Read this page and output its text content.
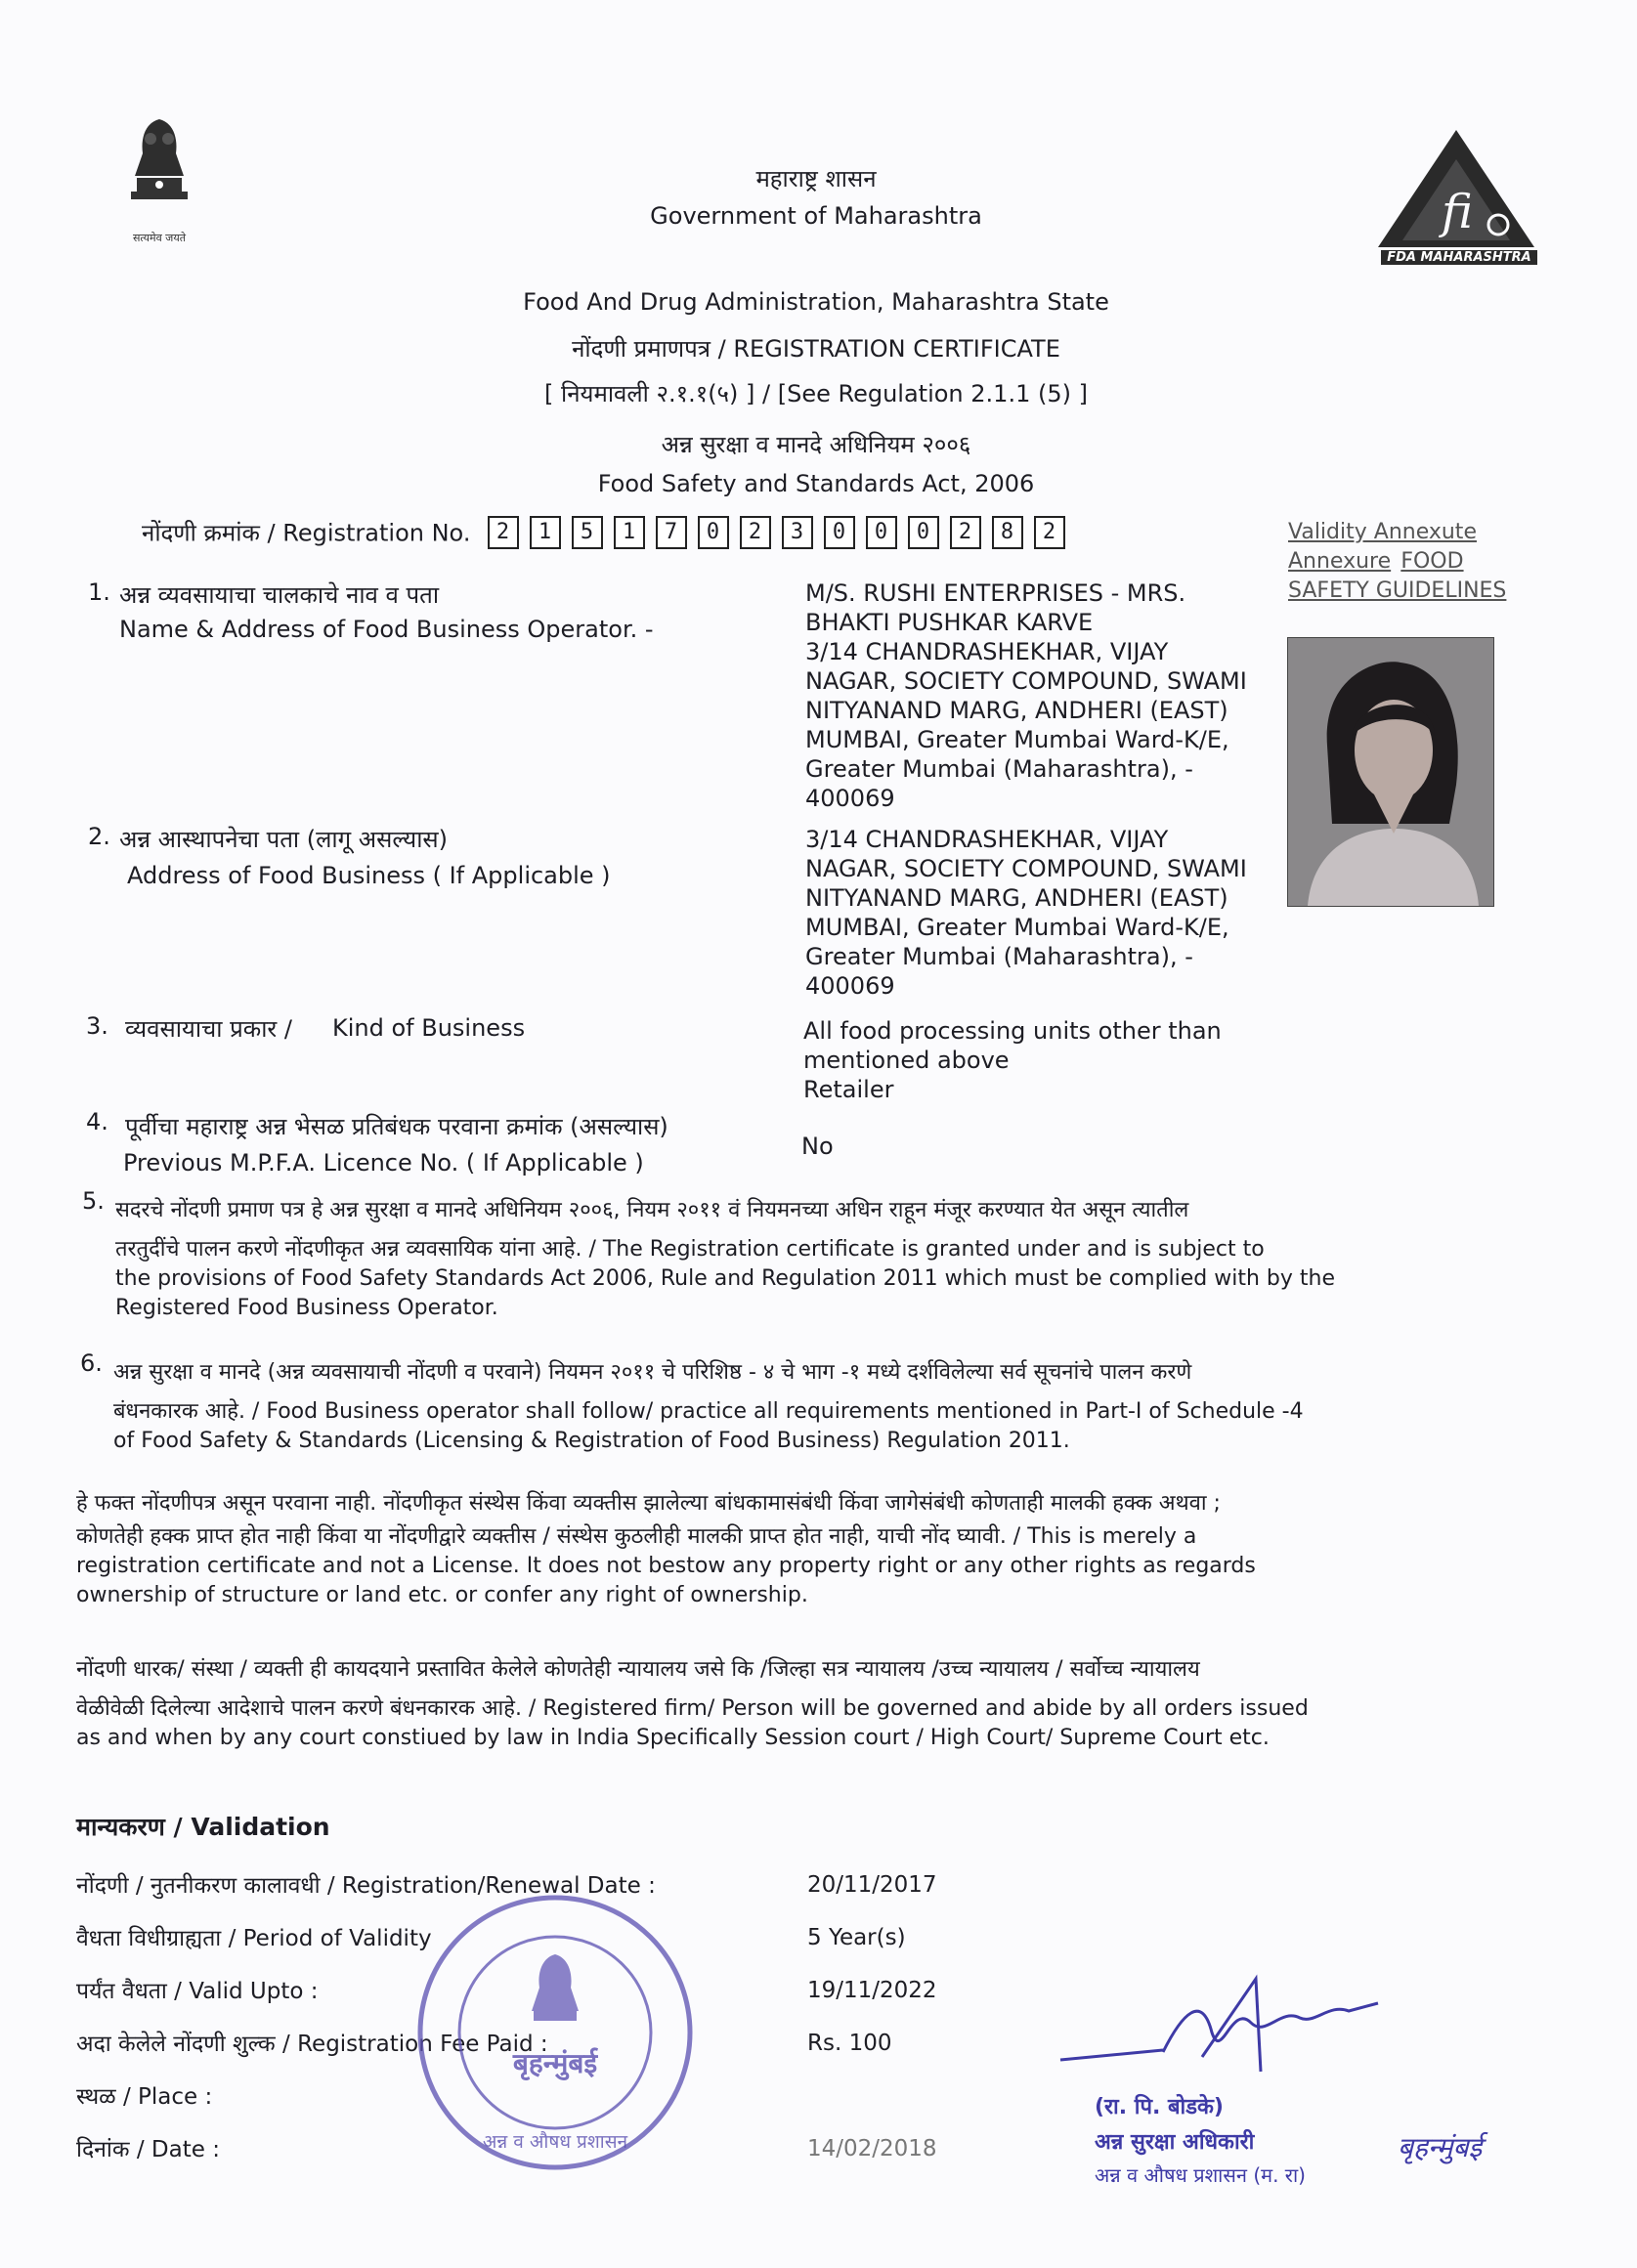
सत्यमेव जयते	fi
FDA MAHARASHTRA
महाराष्ट्र शासन
Government of Maharashtra
Food And Drug Administration, Maharashtra State
नोंदणी प्रमाणपत्र / REGISTRATION CERTIFICATE
[ नियमावली २.१.१(५) ] / [See Regulation 2.1.1 (5) ]
अन्न सुरक्षा व मानदे अधिनियम २००६
Food Safety and Standards Act, 2006
नोंदणी क्रमांक / Registration No. 2 1 5 1 7 0 2 3 0 0 0 2 8 2	Validity Annexute
Annexure FOOD
SAFETY GUIDELINES
1. अन्न व्यवसायाचा चालकाचे नाव व पता
Name & Address of Food Business Operator. -
M/S. RUSHI ENTERPRISES - MRS.
BHAKTI PUSHKAR KARVE
3/14 CHANDRASHEKHAR, VIJAY
NAGAR, SOCIETY COMPOUND, SWAMI
NITYANAND MARG, ANDHERI (EAST)
MUMBAI, Greater Mumbai Ward-K/E,
Greater Mumbai (Maharashtra), -
400069
2. अन्न आस्थापनेचा पता (लागू असल्यास)
Address of Food Business ( If Applicable )
3/14 CHANDRASHEKHAR, VIJAY
NAGAR, SOCIETY COMPOUND, SWAMI
NITYANAND MARG, ANDHERI (EAST)
MUMBAI, Greater Mumbai Ward-K/E,
Greater Mumbai (Maharashtra), -
400069
3. व्यवसायाचा प्रकार / Kind of Business	All food processing units other than
mentioned above
Retailer
4. पूर्वीचा महाराष्ट्र अन्न भेसळ प्रतिबंधक परवाना क्रमांक (असल्यास)
Previous M.P.F.A. Licence No. ( If Applicable )
No
5. सदरचे नोंदणी प्रमाण पत्र हे अन्न सुरक्षा व मानदे अधिनियम २००६, नियम २०११ वं नियमनच्या अधिन राहून मंजूर करण्यात येत असून त्यातील
तरतुदींचे पालन करणे नोंदणीकृत अन्न व्यवसायिक यांना आहे. / The Registration certificate is granted under and is subject to
the provisions of Food Safety Standards Act 2006, Rule and Regulation 2011 which must be complied with by the
Registered Food Business Operator.
6. अन्न सुरक्षा व मानदे (अन्न व्यवसायाची नोंदणी व परवाने) नियमन २०११ चे परिशिष्ठ - ४ चे भाग -१ मध्ये दर्शविलेल्या सर्व सूचनांचे पालन करणे
बंधनकारक आहे. / Food Business operator shall follow/ practice all requirements mentioned in Part-I of Schedule -4
of Food Safety & Standards (Licensing & Registration of Food Business) Regulation 2011.
हे फक्त नोंदणीपत्र असून परवाना नाही. नोंदणीकृत संस्थेस किंवा व्यक्तीस झालेल्या बांधकामासंबंधी किंवा जागेसंबंधी कोणताही मालकी हक्क अथवा ;
कोणतेही हक्क प्राप्त होत नाही किंवा या नोंदणीद्वारे व्यक्तीस / संस्थेस कुठलीही मालकी प्राप्त होत नाही, याची नोंद घ्यावी. / This is merely a
registration certificate and not a License. It does not bestow any property right or any other rights as regards
ownership of structure or land etc. or confer any right of ownership.
नोंदणी धारक/ संस्था / व्यक्ती ही कायदयाने प्रस्तावित केलेले कोणतेही न्यायालय जसे कि /जिल्हा सत्र न्यायालय /उच्च न्यायालय / सर्वोच्च न्यायालय
वेळीवेळी दिलेल्या आदेशाचे पालन करणे बंधनकारक आहे. / Registered firm/ Person will be governed and abide by all orders issued
as and when by any court constiued by law in India Specifically Session court / High Court/ Supreme Court etc.
मान्यकरण / Validation
नोंदणी / नुतनीकरण कालावधी / Registration/Renewal Date :	20/11/2017
वैधता विधीग्राह्यता / Period of Validity	5 Year(s)
पर्यंत वैधता / Valid Upto :	19/11/2022
अदा केलेले नोंदणी शुल्क / Registration Fee Paid :	Rs. 100
स्थळ / Place :
दिनांक / Date :	14/02/2018
अन्न व औषध प्रशासन
बृहन्मुंबई
(रा. पि. बोडके)
अन्न सुरक्षा अधिकारी
अन्न व औषध प्रशासन (म. रा)
बृहन्मुंबई
